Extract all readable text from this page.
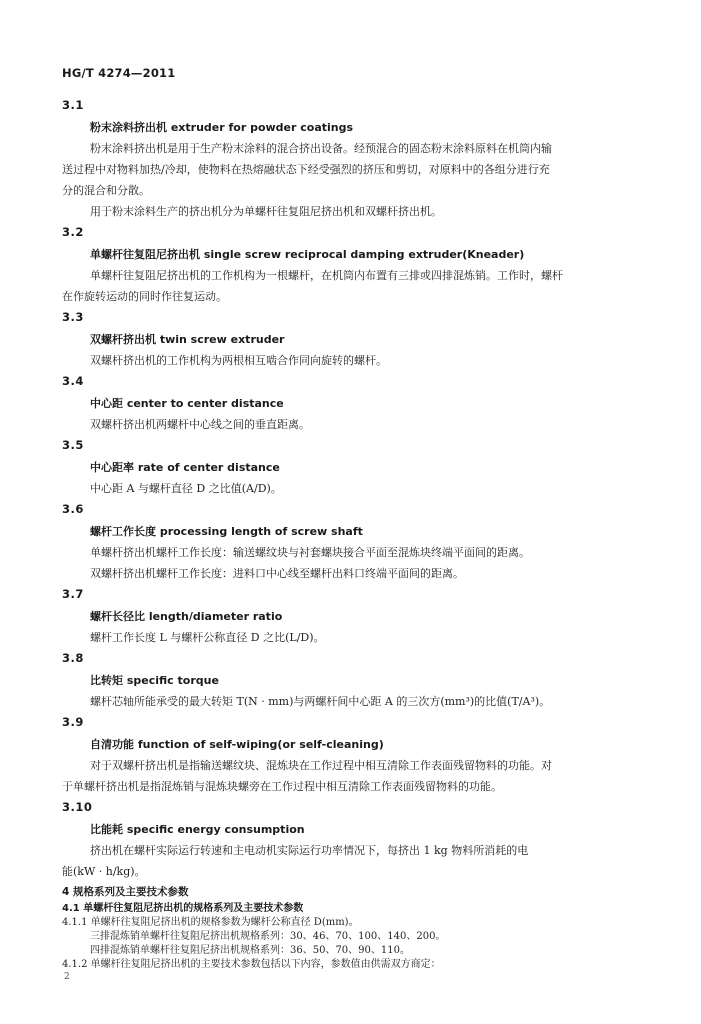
HG/T 4274—2011
3.1
粉末涂料挤出机 extruder for powder coatings
粉末涂料挤出机是用于生产粉末涂料的混合挤出设备。经预混合的固态粉末涂料原料在机筒内输
送过程中对物料加热/冷却，使物料在热熔融状态下经受强烈的挤压和剪切，对原料中的各组分进行充
分的混合和分散。
用于粉末涂料生产的挤出机分为单螺杆往复阻尼挤出机和双螺杆挤出机。
3.2
单螺杆往复阻尼挤出机 single screw reciprocal damping extruder(Kneader)
单螺杆往复阻尼挤出机的工作机构为一根螺杆，在机筒内布置有三排或四排混炼销。工作时，螺杆
在作旋转运动的同时作往复运动。
3.3
双螺杆挤出机 twin screw extruder
双螺杆挤出机的工作机构为两根相互啮合作同向旋转的螺杆。
3.4
中心距 center to center distance
双螺杆挤出机两螺杆中心线之间的垂直距离。
3.5
中心距率 rate of center distance
中心距 A 与螺杆直径 D 之比值(A/D)。
3.6
螺杆工作长度 processing length of screw shaft
单螺杆挤出机螺杆工作长度：输送螺纹块与衬套螺块接合平面至混炼块终端平面间的距离。
双螺杆挤出机螺杆工作长度：进料口中心线至螺杆出料口终端平面间的距离。
3.7
螺杆长径比 length/diameter ratio
螺杆工作长度 L 与螺杆公称直径 D 之比(L/D)。
3.8
比转矩 specific torque
螺杆芯轴所能承受的最大转矩 T(N · mm)与两螺杆间中心距 A 的三次方(mm³)的比值(T/A³)。
3.9
自清功能 function of self-wiping(or self-cleaning)
对于双螺杆挤出机是指输送螺纹块、混炼块在工作过程中相互清除工作表面残留物料的功能。对
于单螺杆挤出机是指混炼销与混炼块螺旁在工作过程中相互清除工作表面残留物料的功能。
3.10
比能耗 specific energy consumption
挤出机在螺杆实际运行转速和主电动机实际运行功率情况下，每挤出 1 kg 物料所消耗的电
能(kW · h/kg)。
4 规格系列及主要技术参数
4.1 单螺杆往复阻尼挤出机的规格系列及主要技术参数
4.1.1 单螺杆往复阻尼挤出机的规格参数为螺杆公称直径 D(mm)。
三排混炼销单螺杆往复阻尼挤出机规格系列：30、46、70、100、140、200。
四排混炼销单螺杆往复阻尼挤出机规格系列：36、50、70、90、110。
4.1.2 单螺杆往复阻尼挤出机的主要技术参数包括以下内容，参数值由供需双方商定：
2
